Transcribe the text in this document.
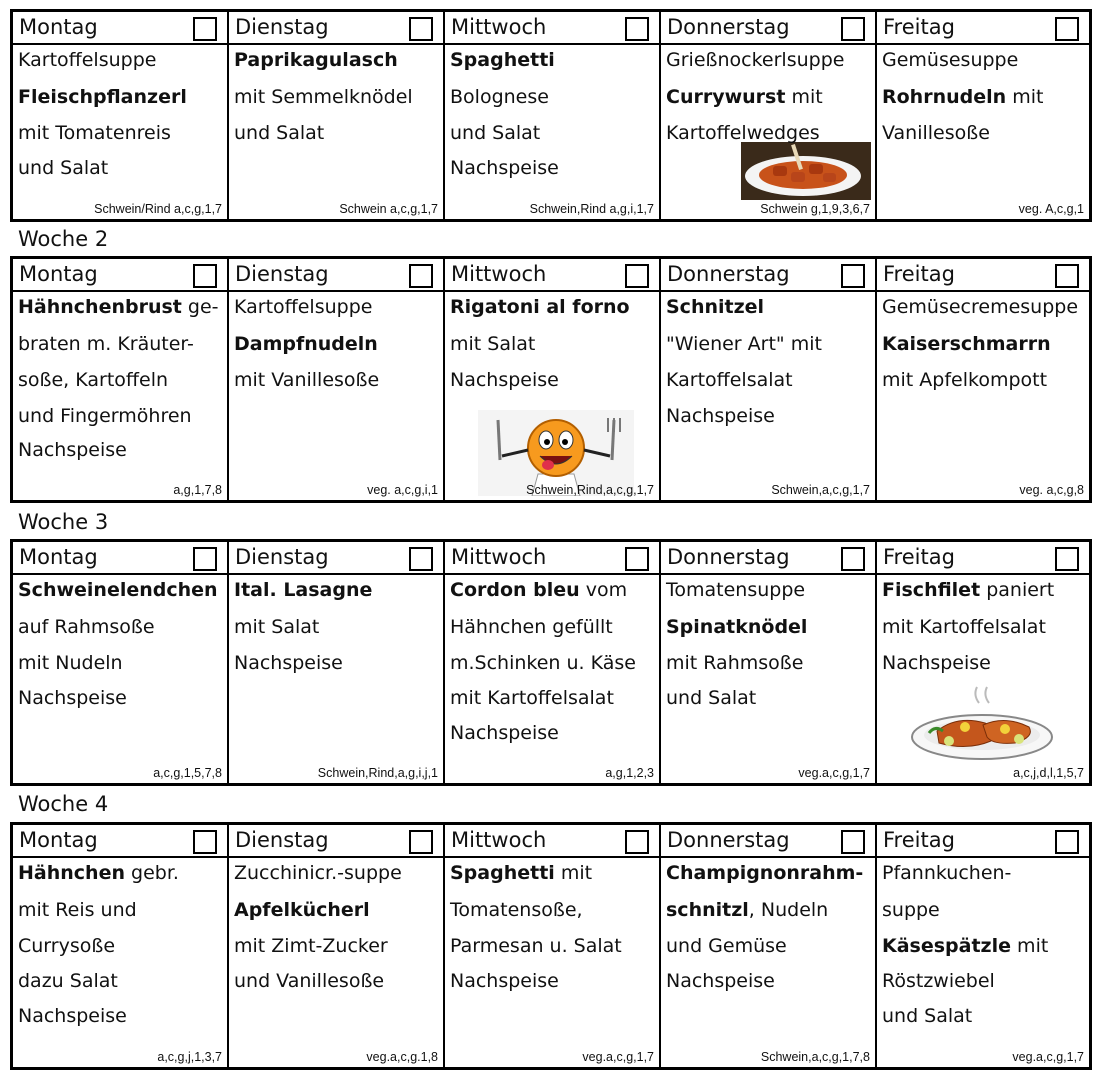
Montag
Kartoffelsuppe
Fleischpflanzerl
mit Tomatenreis
und Salat
Schwein/Rind a,c,g,1,7
Dienstag
Paprikagulasch
mit Semmelknödel
und Salat
Schwein a,c,g,1,7
Mittwoch
Spaghetti
Bolognese
und Salat
Nachspeise
Schwein,Rind a,g,i,1,7
Donnerstag
Grießnockerlsuppe
Currywurst mit
Kartoffelwedges
Schwein g,1,9,3,6,7
Freitag
Gemüsesuppe
Rohrnudeln mit
Vanillesoße
veg. A,c,g,1
Woche 2
Montag
Hähnchenbrust ge-
braten m. Kräuter-
soße, Kartoffeln
und Fingermöhren
Nachspeise
a,g,1,7,8
Dienstag
Kartoffelsuppe
Dampfnudeln
mit Vanillesoße
veg. a,c,g,i,1
Mittwoch
Rigatoni al forno
mit Salat
Nachspeise
Schwein,Rind,a,c,g,1,7
Donnerstag
Schnitzel
"Wiener Art" mit
Kartoffelsalat
Nachspeise
Schwein,a,c,g,1,7
Freitag
Gemüsecremesuppe
Kaiserschmarrn
mit Apfelkompott
veg. a,c,g,8
Woche 3
Montag
Schweinelendchen
auf Rahmsoße
mit Nudeln
Nachspeise
a,c,g,1,5,7,8
Dienstag
Ital. Lasagne
mit Salat
Nachspeise
Schwein,Rind,a,g,i,j,1
Mittwoch
Cordon bleu vom
Hähnchen gefüllt
m.Schinken u. Käse
mit Kartoffelsalat
Nachspeise
a,g,1,2,3
Donnerstag
Tomatensuppe
Spinatknödel
mit Rahmsoße
und Salat
veg.a,c,g,1,7
Freitag
Fischfilet paniert
mit Kartoffelsalat
Nachspeise
a,c,j,d,l,1,5,7
Woche 4
Montag
Hähnchen gebr.
mit Reis und
Currysoße
dazu Salat
Nachspeise
a,c,g,j,1,3,7
Dienstag
Zucchinicr.-suppe
Apfelkücherl
mit Zimt-Zucker
und Vanillesoße
veg.a,c,g.1,8
Mittwoch
Spaghetti mit
Tomatensoße,
Parmesan u. Salat
Nachspeise
veg.a,c,g,1,7
Donnerstag
Champignonrahm-
schnitzl, Nudeln
und Gemüse
Nachspeise
Schwein,a,c,g,1,7,8
Freitag
Pfannkuchen-
suppe
Käsespätzle mit
Röstzwiebel
und Salat
veg.a,c,g,1,7
